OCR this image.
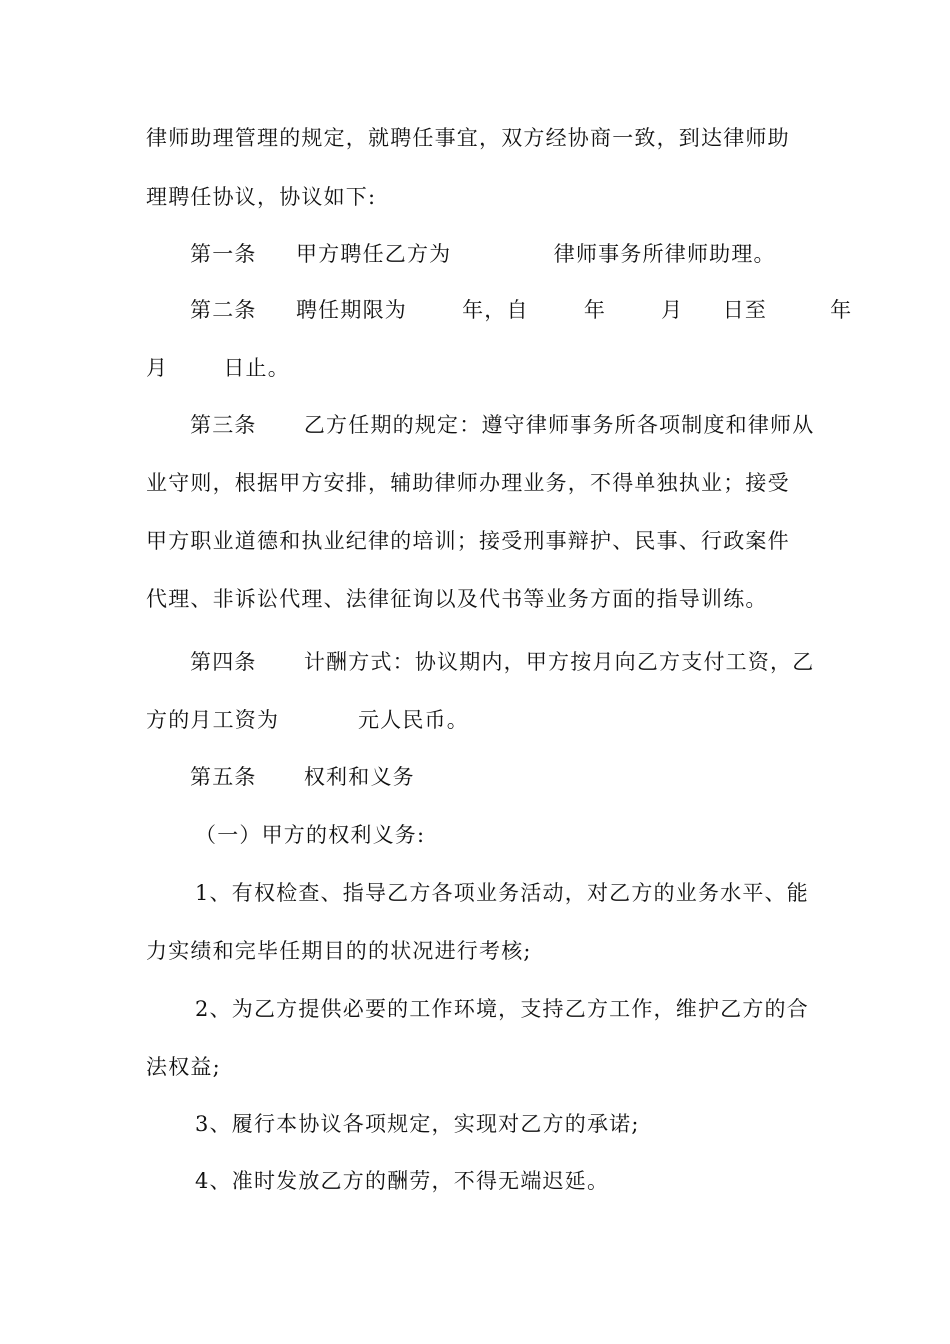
律师助理管理的规定，就聘任事宜，双方经协商一致，到达律师助
理聘任协议，协议如下:
第一条     甲方聘任乙方为             律师事务所律师助理。
第二条     聘任期限为       年，自       年       月     日至        年
月       日止。
第三条      乙方任期的规定：遵守律师事务所各项制度和律师从
业守则，根据甲方安排，辅助律师办理业务，不得单独执业；接受
甲方职业道德和执业纪律的培训；接受刑事辩护、民事、行政案件
代理、非诉讼代理、法律征询以及代书等业务方面的指导训练。
第四条      计酬方式：协议期内，甲方按月向乙方支付工资，乙
方的月工资为          元人民币。
第五条      权利和义务
（一）甲方的权利义务:
1、有权检查、指导乙方各项业务活动，对乙方的业务水平、能
力实绩和完毕任期目的的状况进行考核;
2、为乙方提供必要的工作环境，支持乙方工作，维护乙方的合
法权益;
3、履行本协议各项规定，实现对乙方的承诺;
4、准时发放乙方的酬劳，不得无端迟延。
